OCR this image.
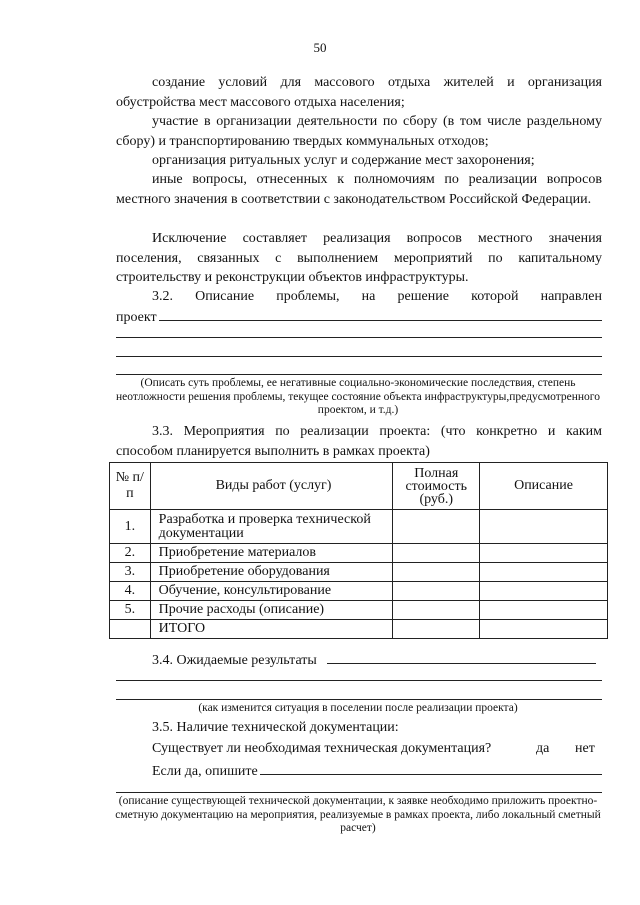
50
создание условий для массового отдыха жителей и организация обустройства мест массового отдыха населения;
участие в организации деятельности по сбору (в том числе раздельному сбору) и транспортированию твердых коммунальных отходов;
организация ритуальных услуг и содержание мест захоронения;
иные вопросы, отнесенных к полномочиям по реализации вопросов местного значения в соответствии с законодательством Российской Федерации.
Исключение составляет реализация вопросов местного значения поселения, связанных с выполнением мероприятий по капитальному строительству и реконструкции объектов инфраструктуры.
3.2. Описание проблемы, на решение которой направлен
проект
(Описать суть проблемы, ее негативные социально-экономические последствия, степень неотложности решения проблемы, текущее состояние объекта инфраструктуры,предусмотренного проектом, и т.д.)
3.3. Мероприятия по реализации проекта: (что конкретно и каким способом планируется выполнить в рамках проекта)
№ п/п	Виды работ (услуг)	Полная стоимость (руб.)	Описание
1.	Разработка и проверка технической документации		
2.	Приобретение материалов		
3.	Приобретение оборудования		
4.	Обучение, консультирование		
5.	Прочие расходы (описание)		
	ИТОГО		
3.4. Ожидаемые результаты
(как изменится ситуация в поселении после реализации проекта)
3.5. Наличие технической документации:
Существует ли необходимая техническая документация?	да нет
Если да, опишите
(описание существующей технической документации, к заявке необходимо приложить проектно-сметную документацию на мероприятия, реализуемые в рамках проекта, либо локальный сметный расчет)
